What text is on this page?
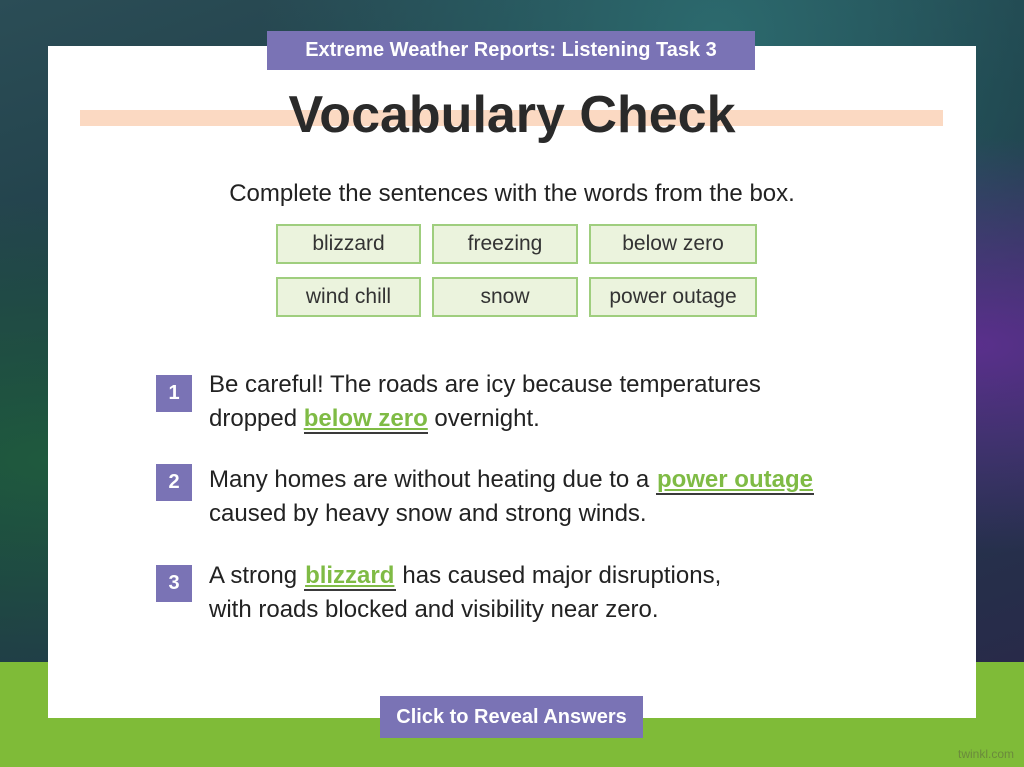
Extreme Weather Reports: Listening Task 3
Vocabulary Check
Complete the sentences with the words from the box.
blizzard	freezing	below zero
wind chill	snow	power outage
1	Be careful! The roads are icy because temperatures
dropped below zero overnight.
2	Many homes are without heating due to a power outage
caused by heavy snow and strong winds.
3	A strong blizzard has caused major disruptions,
with roads blocked and visibility near zero.
Click to Reveal Answers
twinkl.com
